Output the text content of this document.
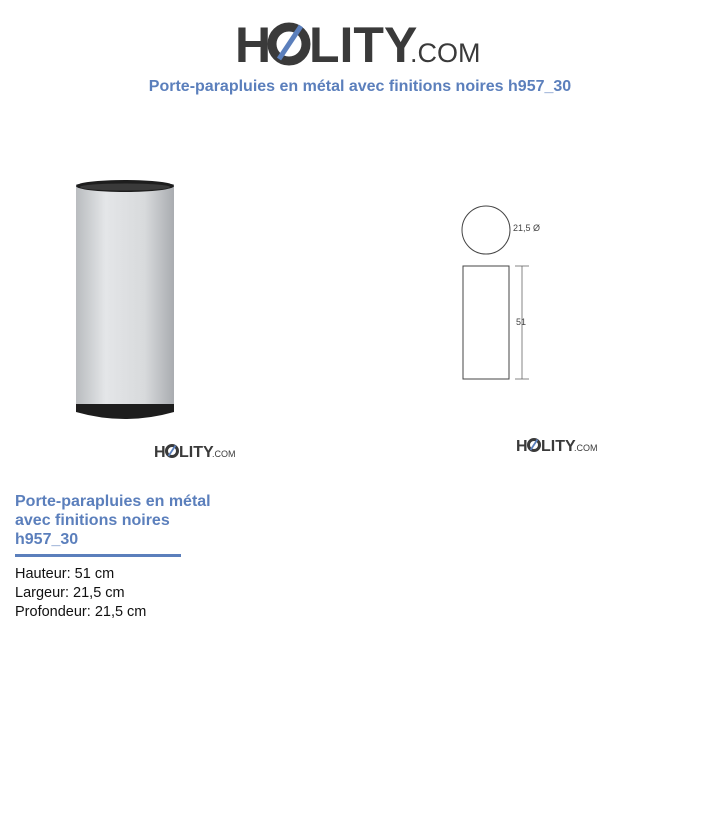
H LITY
.COM
Porte-parapluies en métal avec finitions noires h957_30
H LITY
.COM
21,5 Ø
51
H LITY
.COM
Porte-parapluies en métal
avec finitions noires
h957_30
Hauteur: 51 cm
Largeur: 21,5 cm
Profondeur: 21,5 cm
